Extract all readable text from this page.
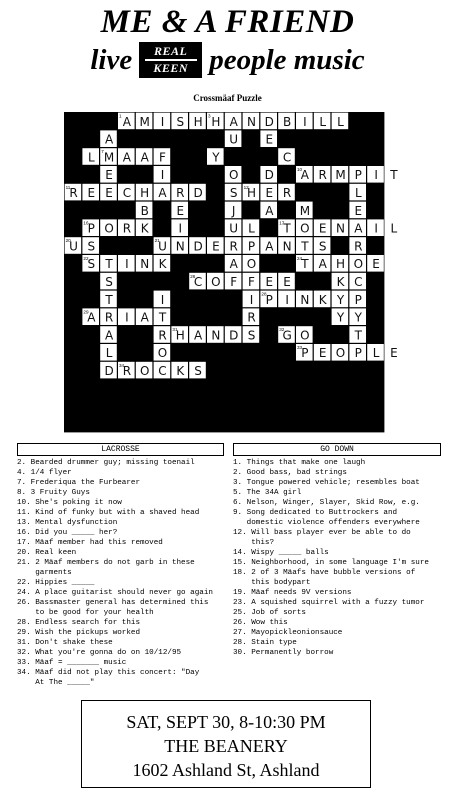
ME & A FRIEND
live REAL
KEEN people music
Crossmäaf Puzzle
1	3
7
10
11	12
16	17
20	21
22	24
26
28
29
31	32
33
34
A M I S H H A N D B I L L
M A A F
A R M P I T
R E E C H A R D	H E R
P O R K	T O E N A I L
U S	U N D E R P A N T S
S T I N K	T A H O E
C O F F E E
P I N K
A R I A
H A N D S G O
P E O P L E
R O C K S
A
L
E
B
I
E
I
Y
U
O
S
J
U
A
D
A
L
O
I
R
E
C
M
K
Y
Y
L
E
R
C
P
Y
T
S
T
A
L
D
I
T
R
O
LACROSSE
2. Bearded drummer guy; missing toenail
4. 1/4 flyer
7. Frederiqua the Furbearer
8. 3 Fruity Guys
10. She's poking it now
11. Kind of funky but with a shaved head
13. Mental dysfunction
16. Did you _____ her?
17. Mäaf member had this removed
20. Real keen
21. 2 Mäaf members do not garb in these
garments
22. Hippies _____
24. A place guitarist should never go again
26. Bassmaster general has determined this
to be good for your health
28. Endless search for this
29. Wish the pickups worked
31. Don't shake these
32. What you're gonna do on 10/12/95
33. Mäaf = _______ music
34. Mäaf did not play this concert: "Day
At The _____"
GO DOWN
1. Things that make one laugh
2. Good bass, bad strings
3. Tongue powered vehicle; resembles boat
5. The 34A girl
6. Nelson, Winger, Slayer, Skid Row, e.g.
9. Song dedicated to Buttrockers and
domestic violence offenders everywhere
12. Will bass player ever be able to do
this?
14. Wispy _____ balls
15. Neighborhood, in some language I'm sure
18. 2 of 3 Mäafs have bubble versions of
this bodypart
19. Mäaf needs 9V versions
23. A squished squirrel with a fuzzy tumor
25. Job of sorts
26. Wow this
27. Mayopickleonionsauce
28. Stain type
30. Permanently borrow
SAT, SEPT 30, 8-10:30 PM
THE BEANERY
1602 Ashland St, Ashland
